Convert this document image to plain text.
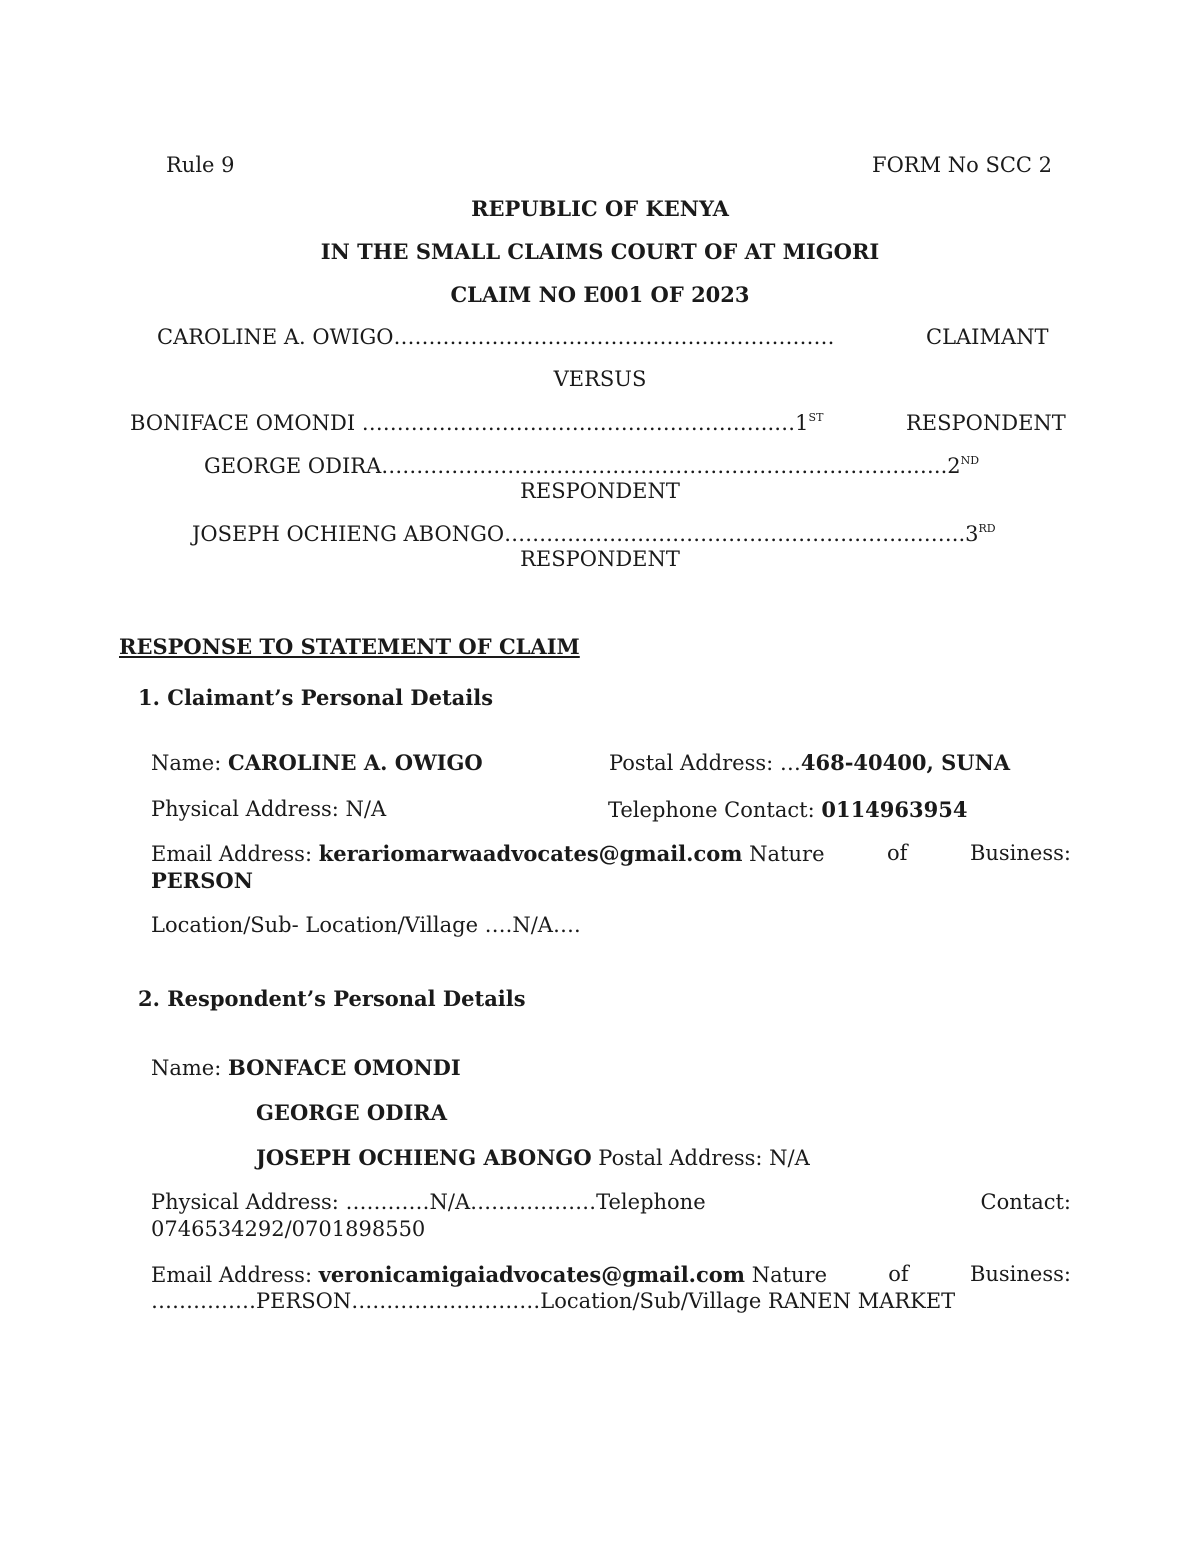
Rule 9	FORM No SCC 2
REPUBLIC OF KENYA
IN THE SMALL CLAIMS COURT OF AT MIGORI
CLAIM NO E001 OF 2023
CAROLINE A. OWIGO………………………………………………………	CLAIMANT
VERSUS
BONIFACE OMONDI …………………………………………………..…1ST	RESPONDENT
GEORGE ODIRA………………………………………………………………….…..2ND
RESPONDENT
JOSEPH OCHIENG ABONGO………………………………………………….……..3RD
RESPONDENT
RESPONSE TO STATEMENT OF CLAIM
1. Claimant’s Personal Details
Name: CAROLINE A. OWIGO	Postal Address: …468-40400, SUNA
Physical Address: N/A	Telephone Contact: 0114963954
Email Address: kerariomarwaadvocates@gmail.com Nature	of	Business:
PERSON
Location/Sub- Location/Village ….N/A….
2. Respondent’s Personal Details
Name: BONFACE OMONDI
GEORGE ODIRA
JOSEPH OCHIENG ABONGO Postal Address: N/A
Physical Address: …………N/A………………Telephone	Contact:
0746534292/0701898550
Email Address: veronicamigaiadvocates@gmail.com Nature	of	Business:
……………PERSON………………………Location/Sub/Village RANEN MARKET
